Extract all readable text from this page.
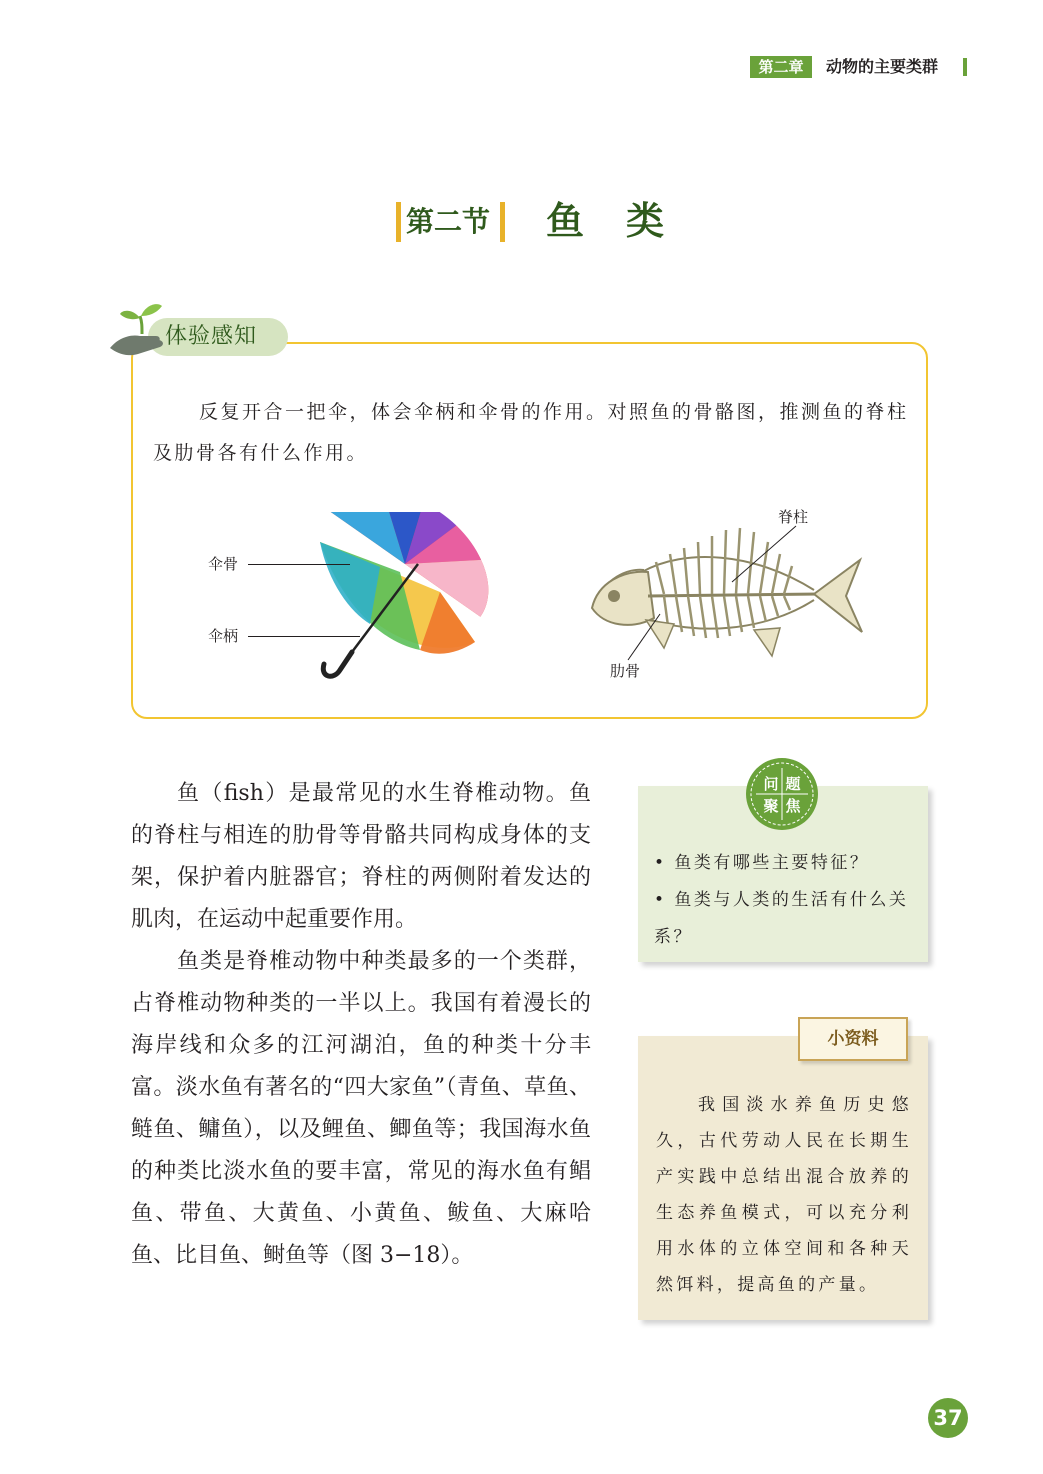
第二章	动物的主要类群
第二节 鱼类
体验感知
反复开合一把伞，体会伞柄和伞骨的作用。对照鱼的骨骼图，推测鱼的脊柱及肋骨各有什么作用。
伞骨
伞柄
脊柱
肋骨

鱼（fish）是最常见的水生脊椎动物。鱼的脊柱与相连的肋骨等骨骼共同构成身体的支架，保护着内脏器官；脊柱的两侧附着发达的肌肉，在运动中起重要作用。

鱼类是脊椎动物中种类最多的一个类群，占脊椎动物种类的一半以上。我国有着漫长的海岸线和众多的江河湖泊，鱼的种类十分丰富。淡水鱼有著名的“四大家鱼”（青鱼、草鱼、鲢鱼、鳙鱼），以及鲤鱼、鲫鱼等；我国海水鱼的种类比淡水鱼的要丰富，常见的海水鱼有鲳鱼、带鱼、大黄鱼、小黄鱼、鲅鱼、大麻哈鱼、比目鱼、鲥鱼等（图 3−18）。

问 题
聚 焦
• 鱼类有哪些主要特征？
• 鱼类与人类的生活有什么关系？
小资料
我国淡水养鱼历史悠久，古代劳动人民在长期生产实践中总结出混合放养的生态养鱼模式，可以充分利用水体的立体空间和各种天然饵料，提高鱼的产量。
37
